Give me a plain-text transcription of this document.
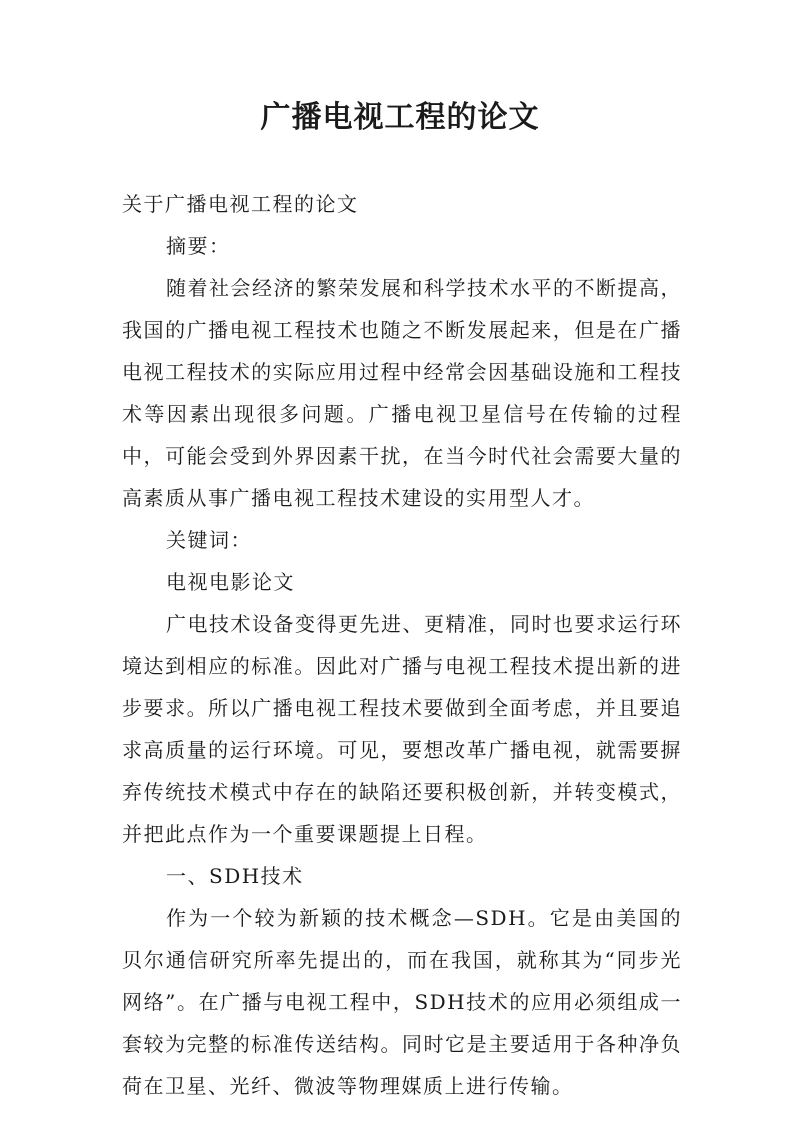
广播电视工程的论文

关于广播电视工程的论文

摘要：

随着社会经济的繁荣发展和科学技术水平的不断提高，我国的广播电视工程技术也随之不断发展起来，但是在广播电视工程技术的实际应用过程中经常会因基础设施和工程技术等因素出现很多问题。广播电视卫星信号在传输的过程中，可能会受到外界因素干扰，在当今时代社会需要大量的高素质从事广播电视工程技术建设的实用型人才。

关键词：

电视电影论文

广电技术设备变得更先进、更精准，同时也要求运行环境达到相应的标准。因此对广播与电视工程技术提出新的进步要求。所以广播电视工程技术要做到全面考虑，并且要追求高质量的运行环境。可见，要想改革广播电视，就需要摒弃传统技术模式中存在的缺陷还要积极创新，并转变模式，并把此点作为一个重要课题提上日程。

一、SDH技术

作为一个较为新颖的技术概念—SDH。它是由美国的贝尔通信研究所率先提出的，而在我国，就称其为“同步光网络”。在广播与电视工程中，SDH技术的应用必须组成一套较为完整的标准传送结构。同时它是主要适用于各种净负荷在卫星、光纤、微波等物理媒质上进行传输。
